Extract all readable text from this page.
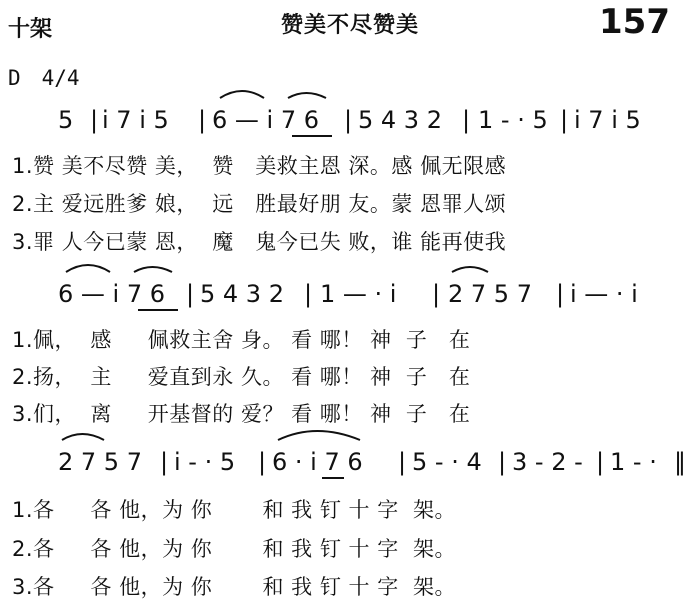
十架	赞美不尽赞美	157
D　4/4
5 | i 7 i 5 | 6 — i 7 6 | 5 4 3 2 | 1 - · 5 | i 7 i 5
6 — i 7 6 | 5 4 3 2 | 1 — · i | 2 7 5 7 | i — · i
2 7 5 7 | i - · 5 | 6 · i 7 6 | 5 - · 4 | 3 - 2 - | 1 - · ‖
1.赞 美不尽赞 美，  赞   美救主恩 深。感 佩无限感
2.主 爱远胜爹 娘，  远   胜最好朋 友。蒙 恩罪人颂
3.罪 人今已蒙 恩，  魔   鬼今已失 败，谁 能再使我
1.佩，  感     佩救主舍 身。 看 哪！ 神  子   在
2.扬，  主     爱直到永 久。 看 哪！ 神  子   在
3.们，  离     开基督的 爱？ 看 哪！ 神  子   在
1.各     各 他，为 你       和 我 钉 十 字  架。
2.各     各 他，为 你       和 我 钉 十 字  架。
3.各     各 他，为 你       和 我 钉 十 字  架。
